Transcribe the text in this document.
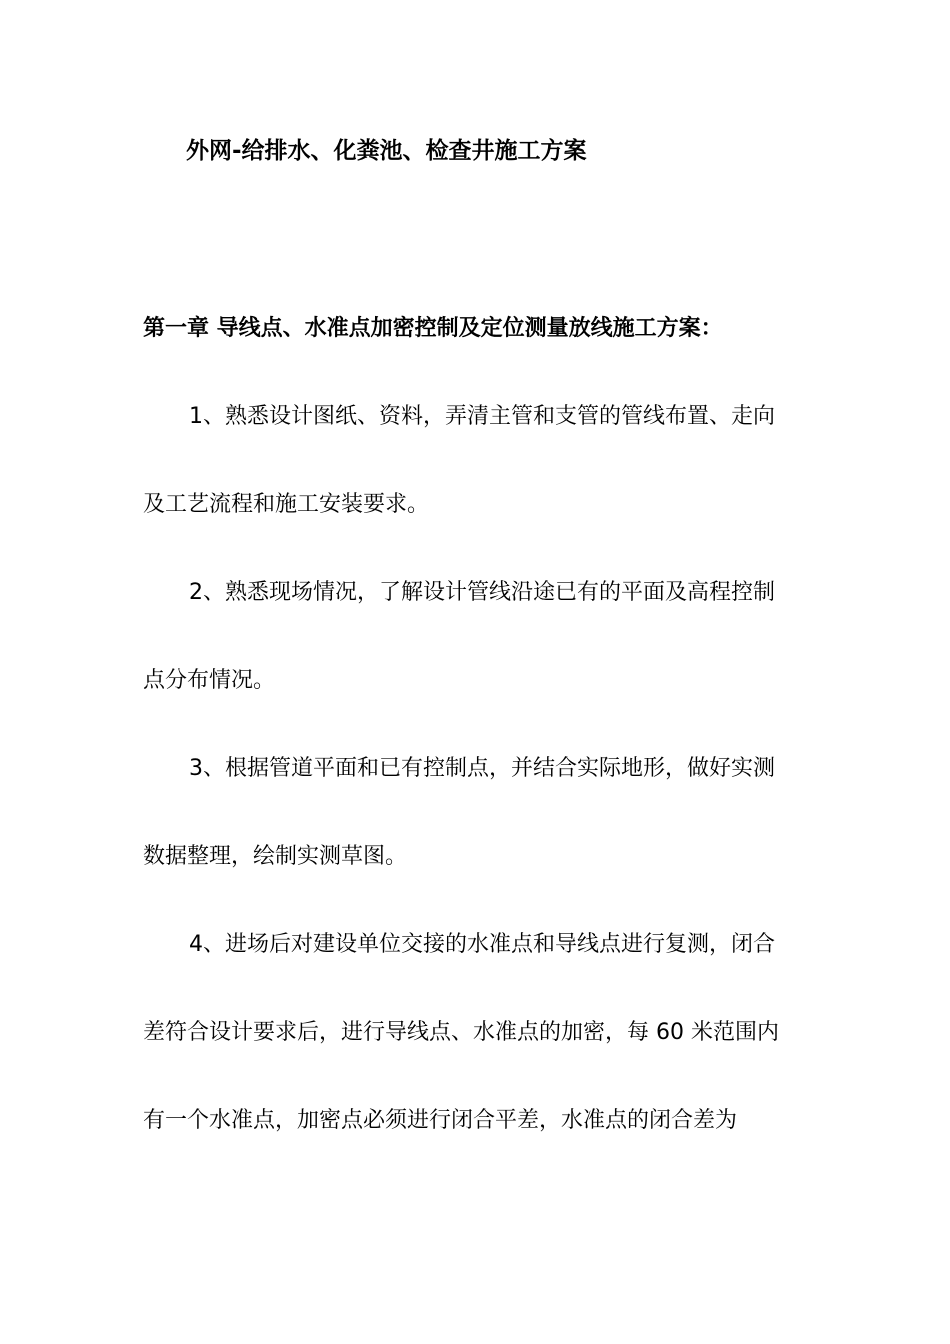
外网-给排水、化粪池、检查井施工方案
第一章 导线点、水准点加密控制及定位测量放线施工方案：
1、熟悉设计图纸、资料，弄清主管和支管的管线布置、走向
及工艺流程和施工安装要求。
2、熟悉现场情况，了解设计管线沿途已有的平面及高程控制
点分布情况。
3、根据管道平面和已有控制点，并结合实际地形，做好实测
数据整理，绘制实测草图。
4、进场后对建设单位交接的水准点和导线点进行复测，闭合
差符合设计要求后，进行导线点、水准点的加密，每 60 米范围内
有一个水准点，加密点必须进行闭合平差，水准点的闭合差为
